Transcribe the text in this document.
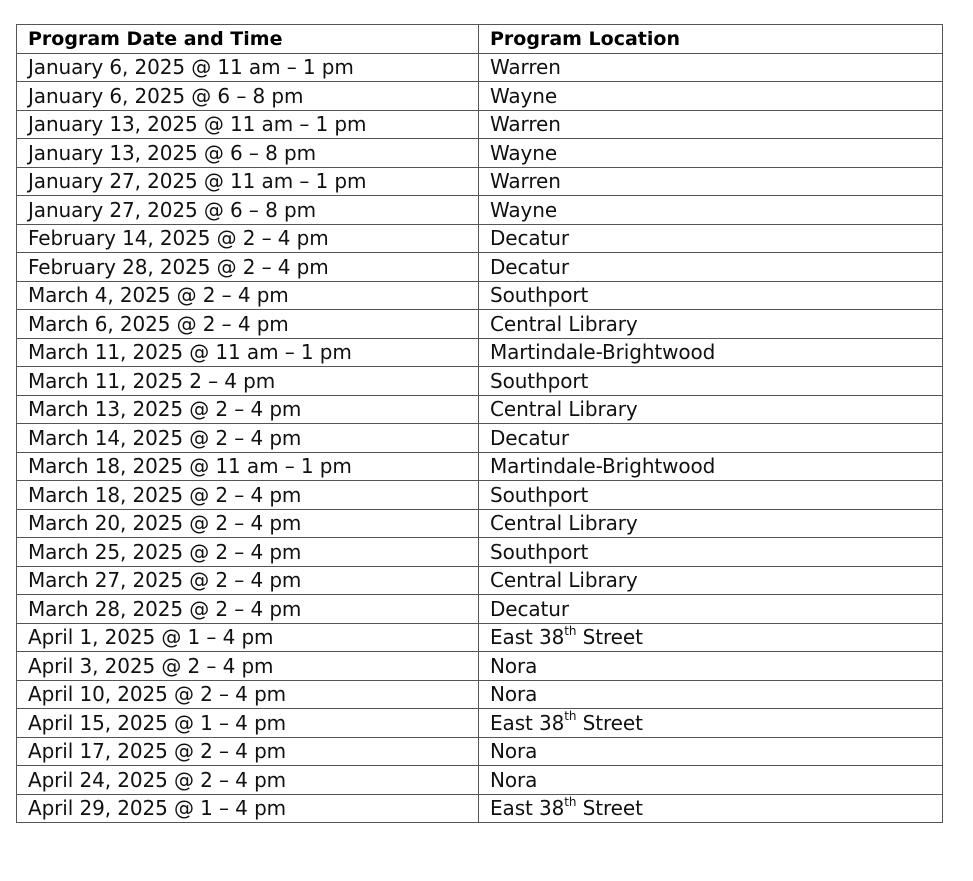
Program Date and Time	Program Location
January 6, 2025 @ 11 am – 1 pm	Warren
January 6, 2025 @ 6 – 8 pm	Wayne
January 13, 2025 @ 11 am – 1 pm	Warren
January 13, 2025 @ 6 – 8 pm	Wayne
January 27, 2025 @ 11 am – 1 pm	Warren
January 27, 2025 @ 6 – 8 pm	Wayne
February 14, 2025 @ 2 – 4 pm	Decatur
February 28, 2025 @ 2 – 4 pm	Decatur
March 4, 2025 @ 2 – 4 pm	Southport
March 6, 2025 @ 2 – 4 pm	Central Library
March 11, 2025 @ 11 am – 1 pm	Martindale-Brightwood
March 11, 2025 2 – 4 pm	Southport
March 13, 2025 @ 2 – 4 pm	Central Library
March 14, 2025 @ 2 – 4 pm	Decatur
March 18, 2025 @ 11 am – 1 pm	Martindale-Brightwood
March 18, 2025 @ 2 – 4 pm	Southport
March 20, 2025 @ 2 – 4 pm	Central Library
March 25, 2025 @ 2 – 4 pm	Southport
March 27, 2025 @ 2 – 4 pm	Central Library
March 28, 2025 @ 2 – 4 pm	Decatur
April 1, 2025 @ 1 – 4 pm	East 38th Street
April 3, 2025 @ 2 – 4 pm	Nora
April 10, 2025 @ 2 – 4 pm	Nora
April 15, 2025 @ 1 – 4 pm	East 38th Street
April 17, 2025 @ 2 – 4 pm	Nora
April 24, 2025 @ 2 – 4 pm	Nora
April 29, 2025 @ 1 – 4 pm	East 38th Street
